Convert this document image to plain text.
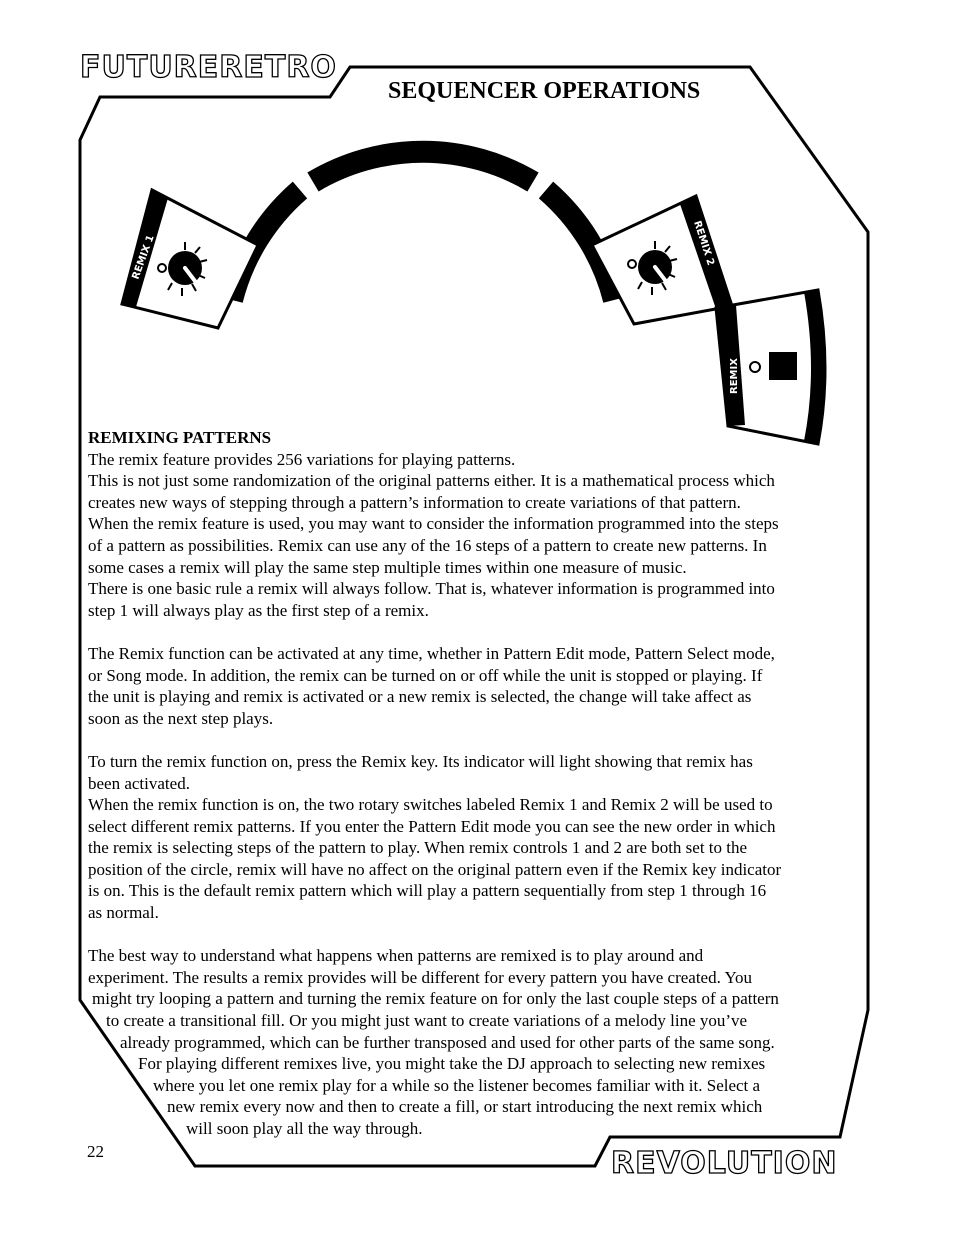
FUTURERETRO
REVOLUTION
SEQUENCER OPERATIONS
REMIX 1	REMIX 2
REMIX

REMIXING PATTERNS

The remix feature provides 256 variations for playing patterns.
This is not just some randomization of the original patterns either. It is a mathematical process which
creates new ways of stepping through a pattern’s information to create variations of that pattern.
When the remix feature is used, you may want to consider the information programmed into the steps
of a pattern as possibilities. Remix can use any of the 16 steps of a pattern to create new patterns. In
some cases a remix will play the same step multiple times within one measure of music.
There is one basic rule a remix will always follow. That is, whatever information is programmed into
step 1 will always play as the first step of a remix.

The Remix function can be activated at any time, whether in Pattern Edit mode, Pattern Select mode,
or Song mode. In addition, the remix can be turned on or off while the unit is stopped or playing. If
the unit is playing and remix is activated or a new remix is selected, the change will take affect as
soon as the next step plays.

To turn the remix function on, press the Remix key. Its indicator will light showing that remix has
been activated.
When the remix function is on, the two rotary switches labeled Remix 1 and Remix 2 will be used to
select different remix patterns. If you enter the Pattern Edit mode you can see the new order in which
the remix is selecting steps of the pattern to play. When remix controls 1 and 2 are both set to the
position of the circle, remix will have no affect on the original pattern even if the Remix key indicator
is on. This is the default remix pattern which will play a pattern sequentially from step 1 through 16
as normal.

The best way to understand what happens when patterns are remixed is to play around and
experiment. The results a remix provides will be different for every pattern you have created. You
might try looping a pattern and turning the remix feature on for only the last couple steps of a pattern
to create a transitional fill. Or you might just want to create variations of a melody line you’ve
already programmed, which can be further transposed and used for other parts of the same song.
For playing different remixes live, you might take the DJ approach to selecting new remixes
where you let one remix play for a while so the listener becomes familiar with it. Select a
new remix every now and then to create a fill, or start introducing the next remix which
will soon play all the way through.

22
